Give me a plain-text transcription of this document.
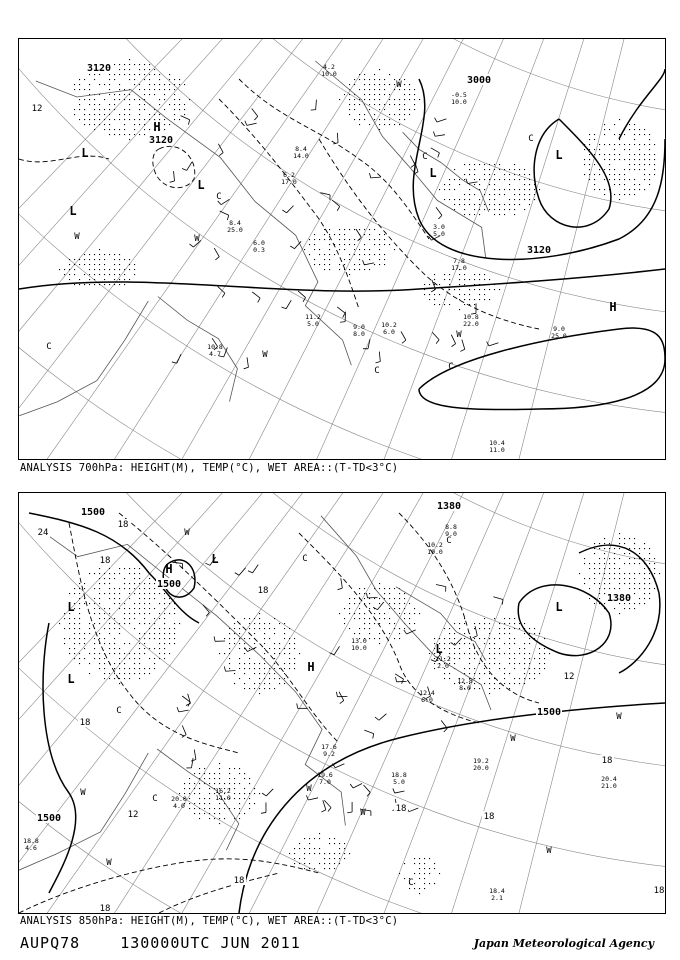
3120
3120
3000
3120
12
L
L
H
L
L
L
H
W	W
C
W
C
C
W
C
C
C
W
4.2 10.0
8.4 14.0
6.2 17.0
11.2 5.0
10.8 22.0
9.0 25.0
10.8 4.7
10.4 11.0
8.4 25.0
6.0 0.3
10.2 6.0
9.0 8.0
3.0 5.0
7.8 17.0
-0.5 10.0
ANALYSIS 700hPa: HEIGHT(M), TEMP(°C), WET AREA::(T-TD<3°C)
1500
1500
1380
1380
1500
1500
24
18
12
18
18
18
12
18
18
18
18
18
18
L
H
L
L
H
L
L
W
C
W
W
C
W
C
C
C
W
W
W
W
19.2 20.0
18.4 2.1
20.4 21.0
18.8 5.0
20.0 4.0
19.6 7.0
16.2 11.0
17.6 9.2
13.0 10.0
12.4 6.0
10.2 10.0
8.8 9.0
11.2 2.0
12.8 8.0
18.8 4.6
ANALYSIS 850hPa: HEIGHT(M), TEMP(°C), WET AREA::(T-TD<3°C)
AUPQ78	130000UTC JUN 2011	Japan Meteorological Agency
